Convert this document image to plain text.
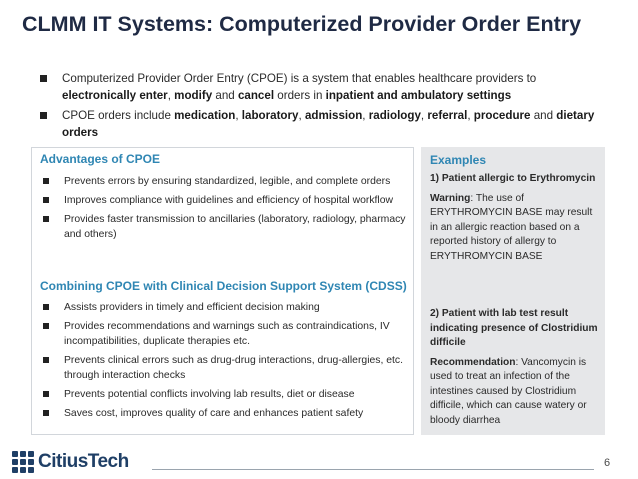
CLMM IT Systems: Computerized Provider Order Entry
Computerized Provider Order Entry (CPOE) is a system that enables healthcare providers to electronically enter, modify and cancel orders in inpatient and ambulatory settings
CPOE orders include medication, laboratory, admission, radiology, referral, procedure and dietary orders
Advantages of CPOE
Prevents errors by ensuring standardized, legible, and complete orders
Improves compliance with guidelines and efficiency of hospital workflow
Provides faster transmission to ancillaries (laboratory, radiology, pharmacy and others)
Combining CPOE with Clinical Decision Support System (CDSS)
Assists providers in timely and efficient decision making
Provides recommendations and warnings such as contraindications, IV incompatibilities, duplicate therapies etc.
Prevents clinical errors such as drug-drug interactions, drug-allergies, etc. through interaction checks
Prevents potential conflicts involving lab results, diet or disease
Saves cost, improves quality of care and enhances patient safety
Examples
1) Patient allergic to Erythromycin
Warning: The use of ERYTHROMYCIN BASE may result in an allergic reaction based on a reported history of allergy to ERYTHROMYCIN BASE
2) Patient with lab test result indicating presence of Clostridium difficile
Recommendation: Vancomycin is used to treat an infection of the intestines caused by Clostridium difficile, which can cause watery or bloody diarrhea
CitiusTech	6
